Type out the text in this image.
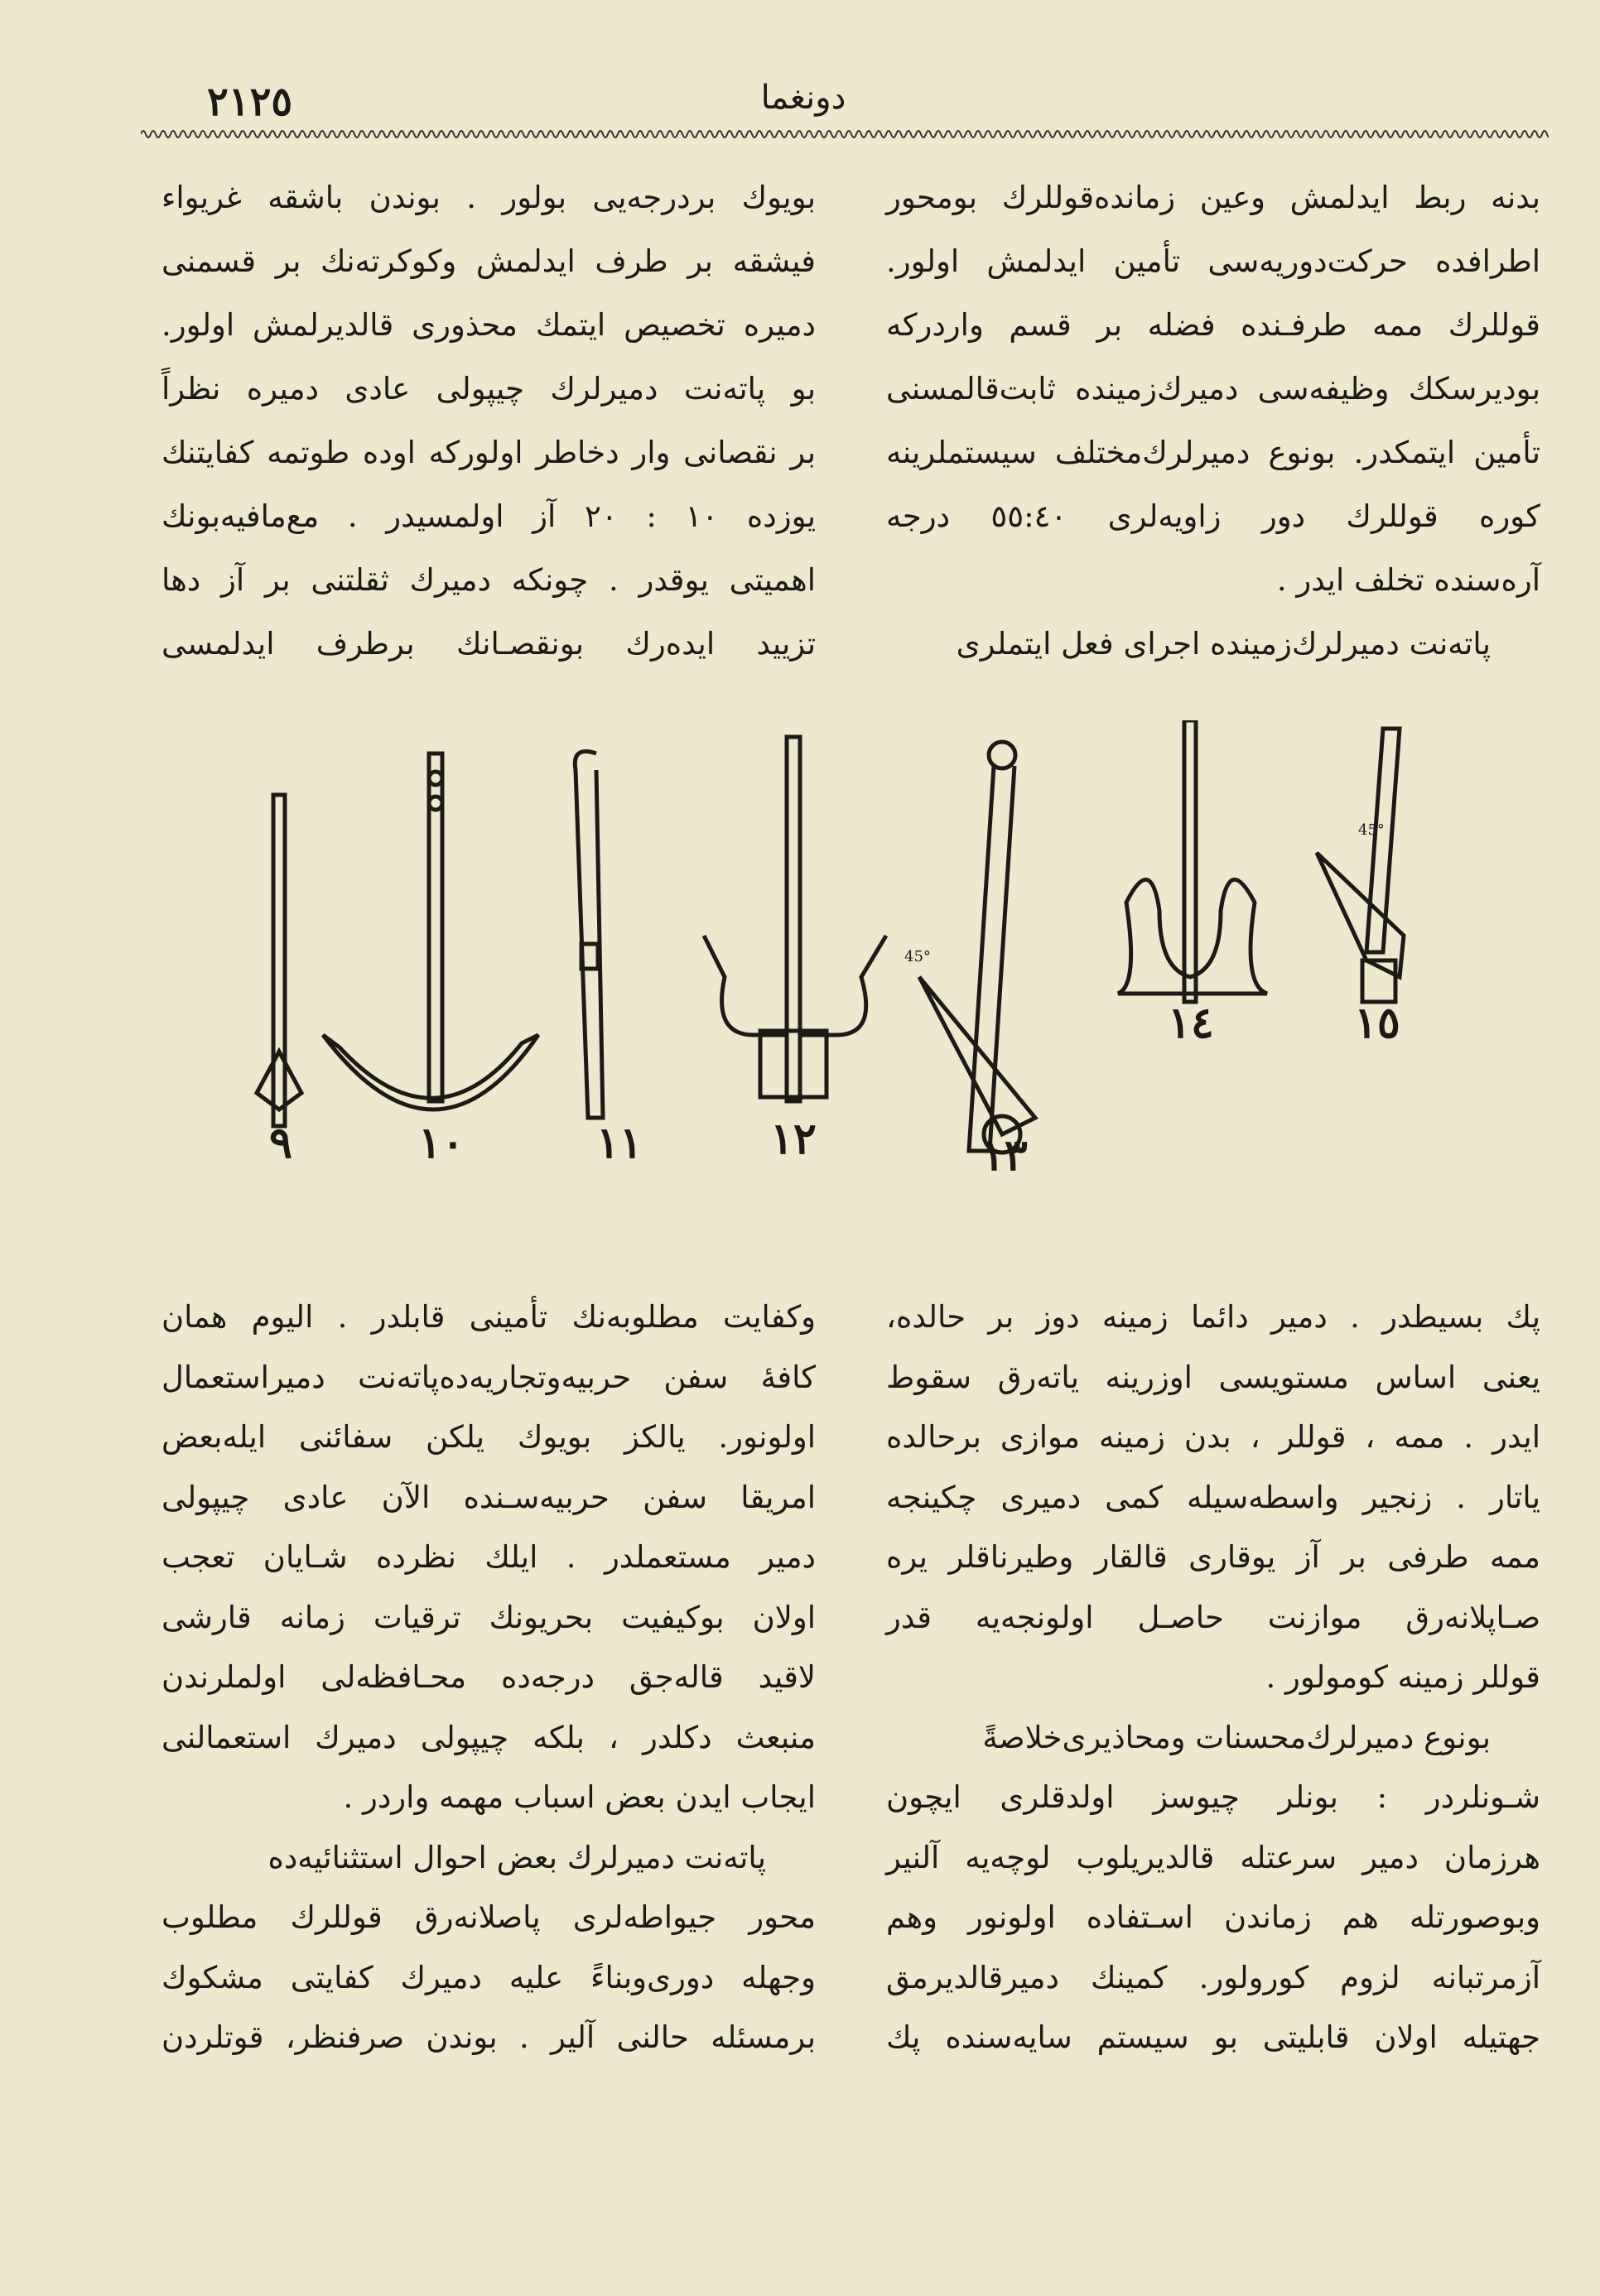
٢١٢٥	دونغما
بدنه ربط ایدلمش وعین زمانده‌قوللرك بومحور
اطرافده حركت‌دوریه‌سی تأمین ایدلمش اولور.
قوللرك ممه طرفـنده فضله بر قسم واردركه
بودیرسكك وظیفه‌سی دمیرك‌زمینده ثابت‌قالمسنی
تأمین ایتمكدر. بونوع دمیرلرك‌مختلف سیستملرینه
كوره قوللرك دور زاویه‌لری ٥٥:٤٠ درجه
آره‌سنده تخلف ایدر .
پاته‌نت دمیرلرك‌زمینده اجرای فعل ایتملری
بویوك بردرجه‌یی بولور . بوندن باشقه غریواء
فیشقه بر طرف ایدلمش وكوكرته‌نك بر قسمنی
دمیره تخصیص ایتمك محذوری قالدیرلمش اولور.
بو پاته‌نت دمیرلرك چیپولی عادی دمیره نظراً
بر نقصانی وار دخاطر اولوركه اوده طوتمه كفایتنك
یوزده ١٠ : ٢٠ آز اولمسیدر . مع‌مافیه‌بونك
اهمیتی یوقدر . چونكه دمیرك ثقلتنی بر آز دها
تزیید ایده‌رك بونقصـانك برطرف ایدلمسی
٩	١٠	١١	١٢	١٣
١٤	١٥
45°
45°
پك بسیطدر . دمیر دائما زمینه دوز بر حالده،
یعنی اساس مستویسی اوزرینه یاته‌رق سقوط
ایدر . ممه ، قوللر ، بدن زمینه موازی برحالده
یاتار . زنجیر واسطه‌سیله كمی دمیری چكینجه
ممه طرفی بر آز یوقاری قالقار وطیرناقلر یره
صـاپلانه‌رق موازنت حاصـل اولونجه‌یه قدر
قوللر زمینه كومولور .
بونوع دمیرلرك‌محسنات ومحاذیری‌خلاصةً
شـونلردر : بونلر چیوسز اولدقلری ایچون
هرزمان دمیر سرعتله قالدیریلوب لوچه‌یه آلنیر
وبوصورتله هم زماندن اسـتفاده اولونور وهم
آزمرتبانه لزوم كورولور. كمینك دمیرقالدیرمق
جهتیله اولان قابلیتی بو سیستم سایه‌سنده پك
وكفایت مطلوبه‌نك تأمینی قابلدر . الیوم همان
كافهٔ سفن حربیه‌وتجاریه‌ده‌پاته‌نت دمیراستعمال
اولونور. یالكز بویوك یلكن سفائنی ایله‌بعض
امریقا سفن حربیه‌سـنده الآن عادی چیپولی
دمیر مستعملدر . ایلك نظرده شـایان تعجب
اولان بوكیفیت بحریونك ترقیات زمانه قارشی
لاقید قاله‌جق درجه‌ده محـافظه‌لی اولملرندن
منبعث دكلدر ، بلكه چیپولی دمیرك استعمالنی
ایجاب ایدن بعض اسباب مهمه واردر .
پاته‌نت دمیرلرك بعض احوال استثنائیه‌ده
محور جیواطه‌لری پاصلانه‌رق قوللرك مطلوب
وجهله دوری‌وبناءً علیه دمیرك كفایتی مشكوك
برمسئله حالنی آلیر . بوندن صرفنظر، قوتلردن
